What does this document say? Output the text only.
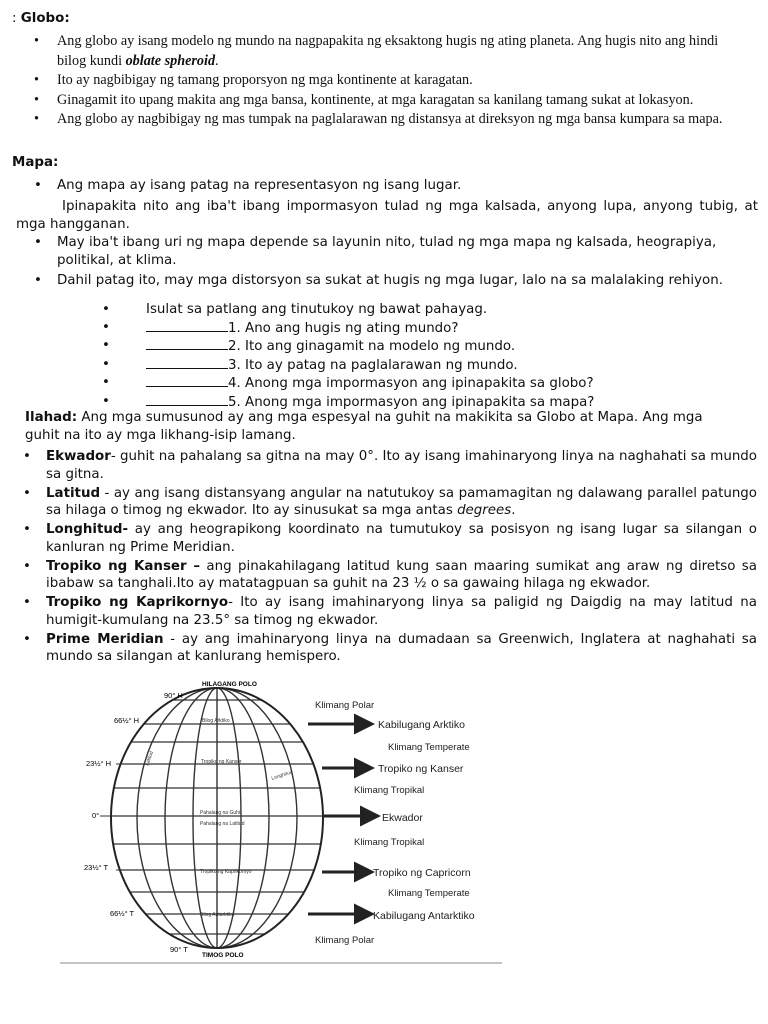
: Globo:
• Ang globo ay isang modelo ng mundo na nagpapakita ng eksaktong hugis ng ating planeta. Ang hugis nito ang hindi bilog kundi oblate spheroid.
• Ito ay nagbibigay ng tamang proporsyon ng mga kontinente at karagatan.
• Ginagamit ito upang makita ang mga bansa, kontinente, at mga karagatan sa kanilang tamang sukat at lokasyon.
• Ang globo ay nagbibigay ng mas tumpak na paglalarawan ng distansya at direksyon ng mga bansa kumpara sa mapa.
Mapa:
• Ang mapa ay isang patag na representasyon ng isang lugar.
Ipinapakita nito ang iba't ibang impormasyon tulad ng mga kalsada, anyong lupa, anyong tubig, at mga hangganan.
• May iba't ibang uri ng mapa depende sa layunin nito, tulad ng mga mapa ng kalsada, heograpiya, politikal, at klima.
• Dahil patag ito, may mga distorsyon sa sukat at hugis ng mga lugar, lalo na sa malalaking rehiyon.
• Isulat sa patlang ang tinutukoy ng bawat pahayag.
• 1. Ano ang hugis ng ating mundo?
• 2. Ito ang ginagamit na modelo ng mundo.
• 3. Ito ay patag na paglalarawan ng mundo.
• 4. Anong mga impormasyon ang ipinapakita sa globo?
• 5. Anong mga impormasyon ang ipinapakita sa mapa?
Ilahad: Ang mga sumusunod ay ang mga espesyal na guhit na makikita sa Globo at Mapa. Ang mga guhit na ito ay mga likhang-isip lamang.
• Ekwador- guhit na pahalang sa gitna na may 0°. Ito ay isang imahinaryong linya na naghahati sa mundo sa gitna.
• Latitud - ay ang isang distansyang angular na natutukoy sa pamamagitan ng dalawang parallel patungo sa hilaga o timog ng ekwador. Ito ay sinusukat sa mga antas degrees.
• Longhitud- ay ang heograpikong koordinato na tumutukoy sa posisyon ng isang lugar sa silangan o kanluran ng Prime Meridian.
• Tropiko ng Kanser – ang pinakahilagang latitud kung saan maaring sumikat ang araw ng diretso sa ibabaw sa tanghali.Ito ay matatagpuan sa guhit na 23 ½ o sa gawaing hilaga ng ekwador.
• Tropiko ng Kaprikornyo- Ito ay isang imahinaryong linya sa paligid ng Daigdig na may latitud na humigit-kumulang na 23.5° sa timog ng ekwador.
• Prime Meridian - ay ang imahinaryong linya na dumadaan sa Greenwich, Inglatera at naghahati sa mundo sa silangan at kanlurang hemispero.
HILAGANG POLO
TIMOG POLO
90° H
66½° H
23½° H
0°
23½° T
66½° T
90° T
Bilog Arktiko
Latitud	Tropiko ng Kanser
Longhitud
Pahalang na Guhit
Pahalang na Latitud
Tropiko ng Kaprikornyo
Bilog Antarktiko
Klimang Polar
Kabilugang Arktiko
Klimang Temperate
Tropiko ng Kanser
Klimang Tropikal
Ekwador
Klimang Tropikal
Tropiko ng Capricorn
Klimang Temperate
Kabilugang Antarktiko
Klimang Polar
